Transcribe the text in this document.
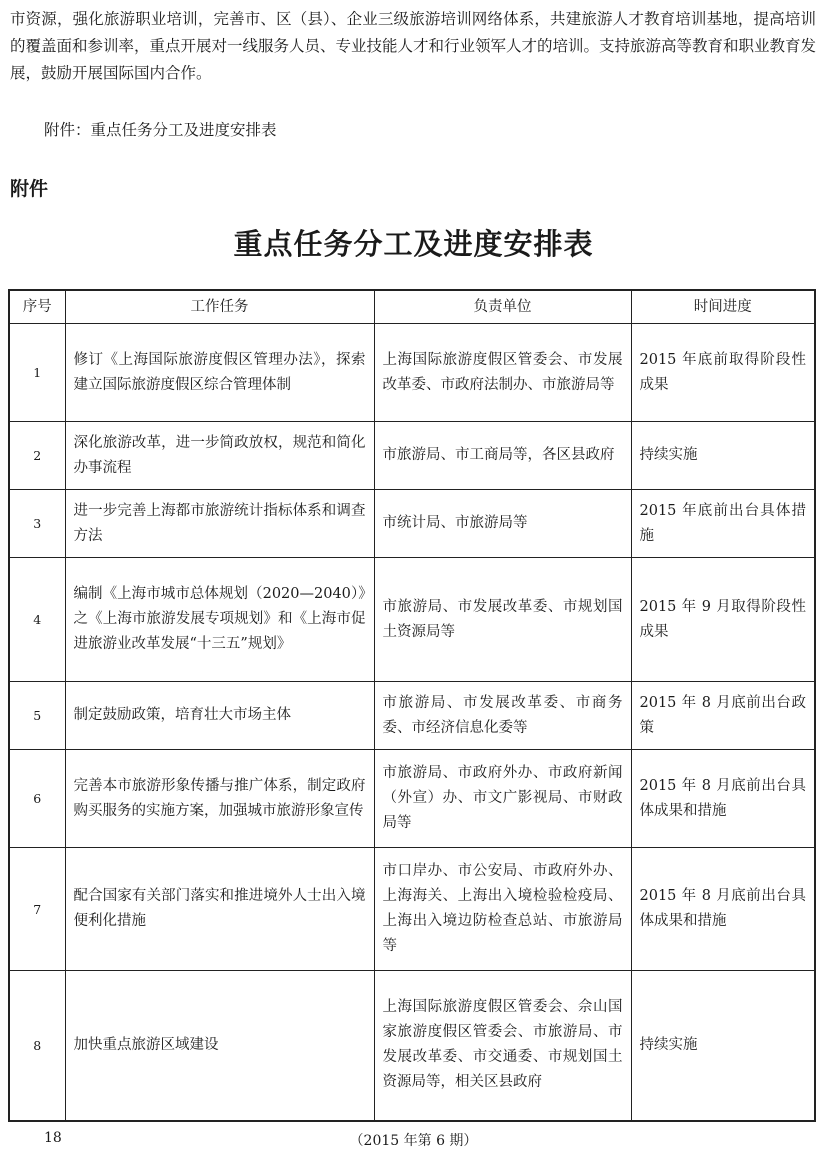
市资源，强化旅游职业培训，完善市、区（县）、企业三级旅游培训网络体系，共建旅游人才教育培训基地，提高培训的覆盖面和参训率，重点开展对一线服务人员、专业技能人才和行业领军人才的培训。支持旅游高等教育和职业教育发展，鼓励开展国际国内合作。

附件：重点任务分工及进度安排表

附件
重点任务分工及进度安排表
序号	工作任务	负责单位	时间进度
1	修订《上海国际旅游度假区管理办法》，探索建立国际旅游度假区综合管理体制	上海国际旅游度假区管委会、市发展改革委、市政府法制办、市旅游局等	2015 年底前取得阶段性成果
2	深化旅游改革，进一步简政放权，规范和简化办事流程	市旅游局、市工商局等，各区县政府	持续实施
3	进一步完善上海都市旅游统计指标体系和调查方法	市统计局、市旅游局等	2015 年底前出台具体措施
4	编制《上海市城市总体规划（2020—2040）》之《上海市旅游发展专项规划》和《上海市促进旅游业改革发展“十三五”规划》	市旅游局、市发展改革委、市规划国土资源局等	2015 年 9 月取得阶段性成果
5	制定鼓励政策，培育壮大市场主体	市旅游局、市发展改革委、市商务委、市经济信息化委等	2015 年 8 月底前出台政策
6	完善本市旅游形象传播与推广体系，制定政府购买服务的实施方案，加强城市旅游形象宣传	市旅游局、市政府外办、市政府新闻（外宣）办、市文广影视局、市财政局等	2015 年 8 月底前出台具体成果和措施
7	配合国家有关部门落实和推进境外人士出入境便利化措施	市口岸办、市公安局、市政府外办、上海海关、上海出入境检验检疫局、上海出入境边防检查总站、市旅游局等	2015 年 8 月底前出台具体成果和措施
8	加快重点旅游区域建设	上海国际旅游度假区管委会、佘山国家旅游度假区管委会、市旅游局、市发展改革委、市交通委、市规划国土资源局等，相关区县政府	持续实施

18	（2015 年第 6 期）
